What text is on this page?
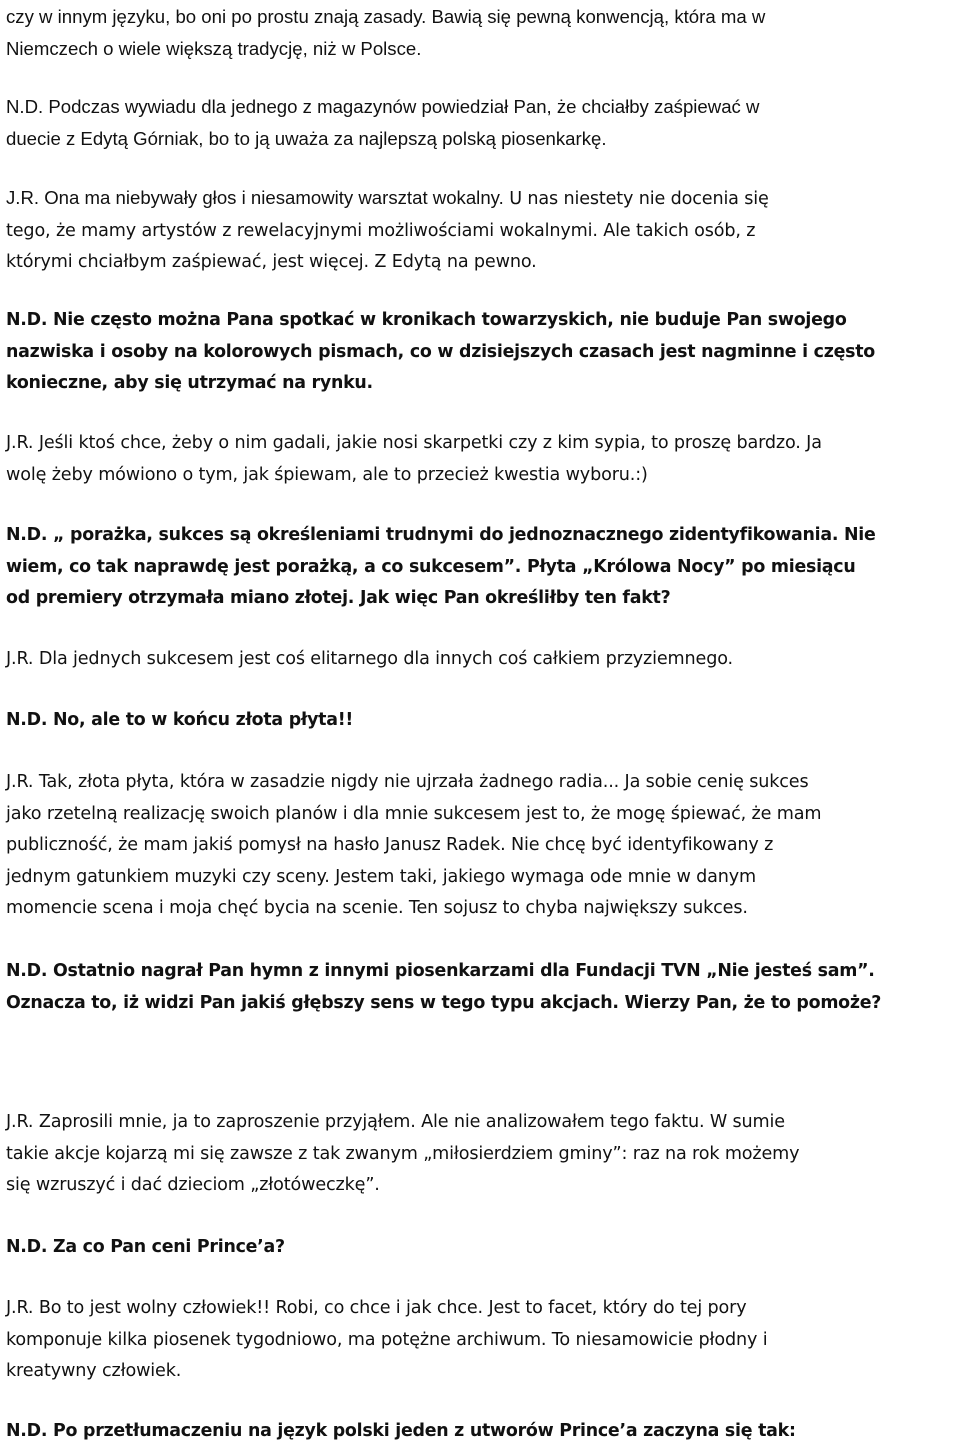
czy w innym języku, bo oni po prostu znają zasady. Bawią się pewną konwencją, która ma w
Niemczech o wiele większą tradycję, niż w Polsce.

N.D. Podczas wywiadu dla jednego z magazynów powiedział Pan, że chciałby zaśpiewać w
duecie z Edytą Górniak, bo to ją uważa za najlepszą polską piosenkarkę.

J.R. Ona ma niebywały głos i niesamowity warsztat wokalny. U nas niestety nie docenia się
tego, że mamy artystów z rewelacyjnymi możliwościami wokalnymi. Ale takich osób, z
którymi chciałbym zaśpiewać, jest więcej. Z Edytą na pewno.

N.D. Nie często można Pana spotkać w kronikach towarzyskich, nie buduje Pan swojego
nazwiska i osoby na kolorowych pismach, co w dzisiejszych czasach jest nagminne i często
konieczne, aby się utrzymać na rynku.

J.R. Jeśli ktoś chce, żeby o nim gadali, jakie nosi skarpetki czy z kim sypia, to proszę bardzo. Ja
wolę żeby mówiono o tym, jak śpiewam, ale to przecież kwestia wyboru.:)

N.D. „ porażka, sukces są określeniami trudnymi do jednoznacznego zidentyfikowania. Nie
wiem, co tak naprawdę jest porażką, a co sukcesem”. Płyta „Królowa Nocy” po miesiącu
od premiery otrzymała miano złotej. Jak więc Pan określiłby ten fakt?

J.R. Dla jednych sukcesem jest coś elitarnego dla innych coś całkiem przyziemnego.

N.D. No, ale to w końcu złota płyta!!

J.R. Tak, złota płyta, która w zasadzie nigdy nie ujrzała żadnego radia... Ja sobie cenię sukces
jako rzetelną realizację swoich planów i dla mnie sukcesem jest to, że mogę śpiewać, że mam
publiczność, że mam jakiś pomysł na hasło Janusz Radek. Nie chcę być identyfikowany z
jednym gatunkiem muzyki czy sceny. Jestem taki, jakiego wymaga ode mnie w danym
momencie scena i moja chęć bycia na scenie. Ten sojusz to chyba największy sukces.

N.D. Ostatnio nagrał Pan hymn z innymi piosenkarzami dla Fundacji TVN „Nie jesteś sam”.
Oznacza to, iż widzi Pan jakiś głębszy sens w tego typu akcjach. Wierzy Pan, że to pomoże?

J.R. Zaprosili mnie, ja to zaproszenie przyjąłem. Ale nie analizowałem tego faktu. W sumie
takie akcje kojarzą mi się zawsze z tak zwanym „miłosierdziem gminy”: raz na rok możemy
się wzruszyć i dać dzieciom „złotóweczkę”.

N.D. Za co Pan ceni Prince’a?

J.R. Bo to jest wolny człowiek!! Robi, co chce i jak chce. Jest to facet, który do tej pory
komponuje kilka piosenek tygodniowo, ma potężne archiwum. To niesamowicie płodny i
kreatywny człowiek.

N.D. Po przetłumaczeniu na język polski jeden z utworów Prince’a zaczyna się tak:
